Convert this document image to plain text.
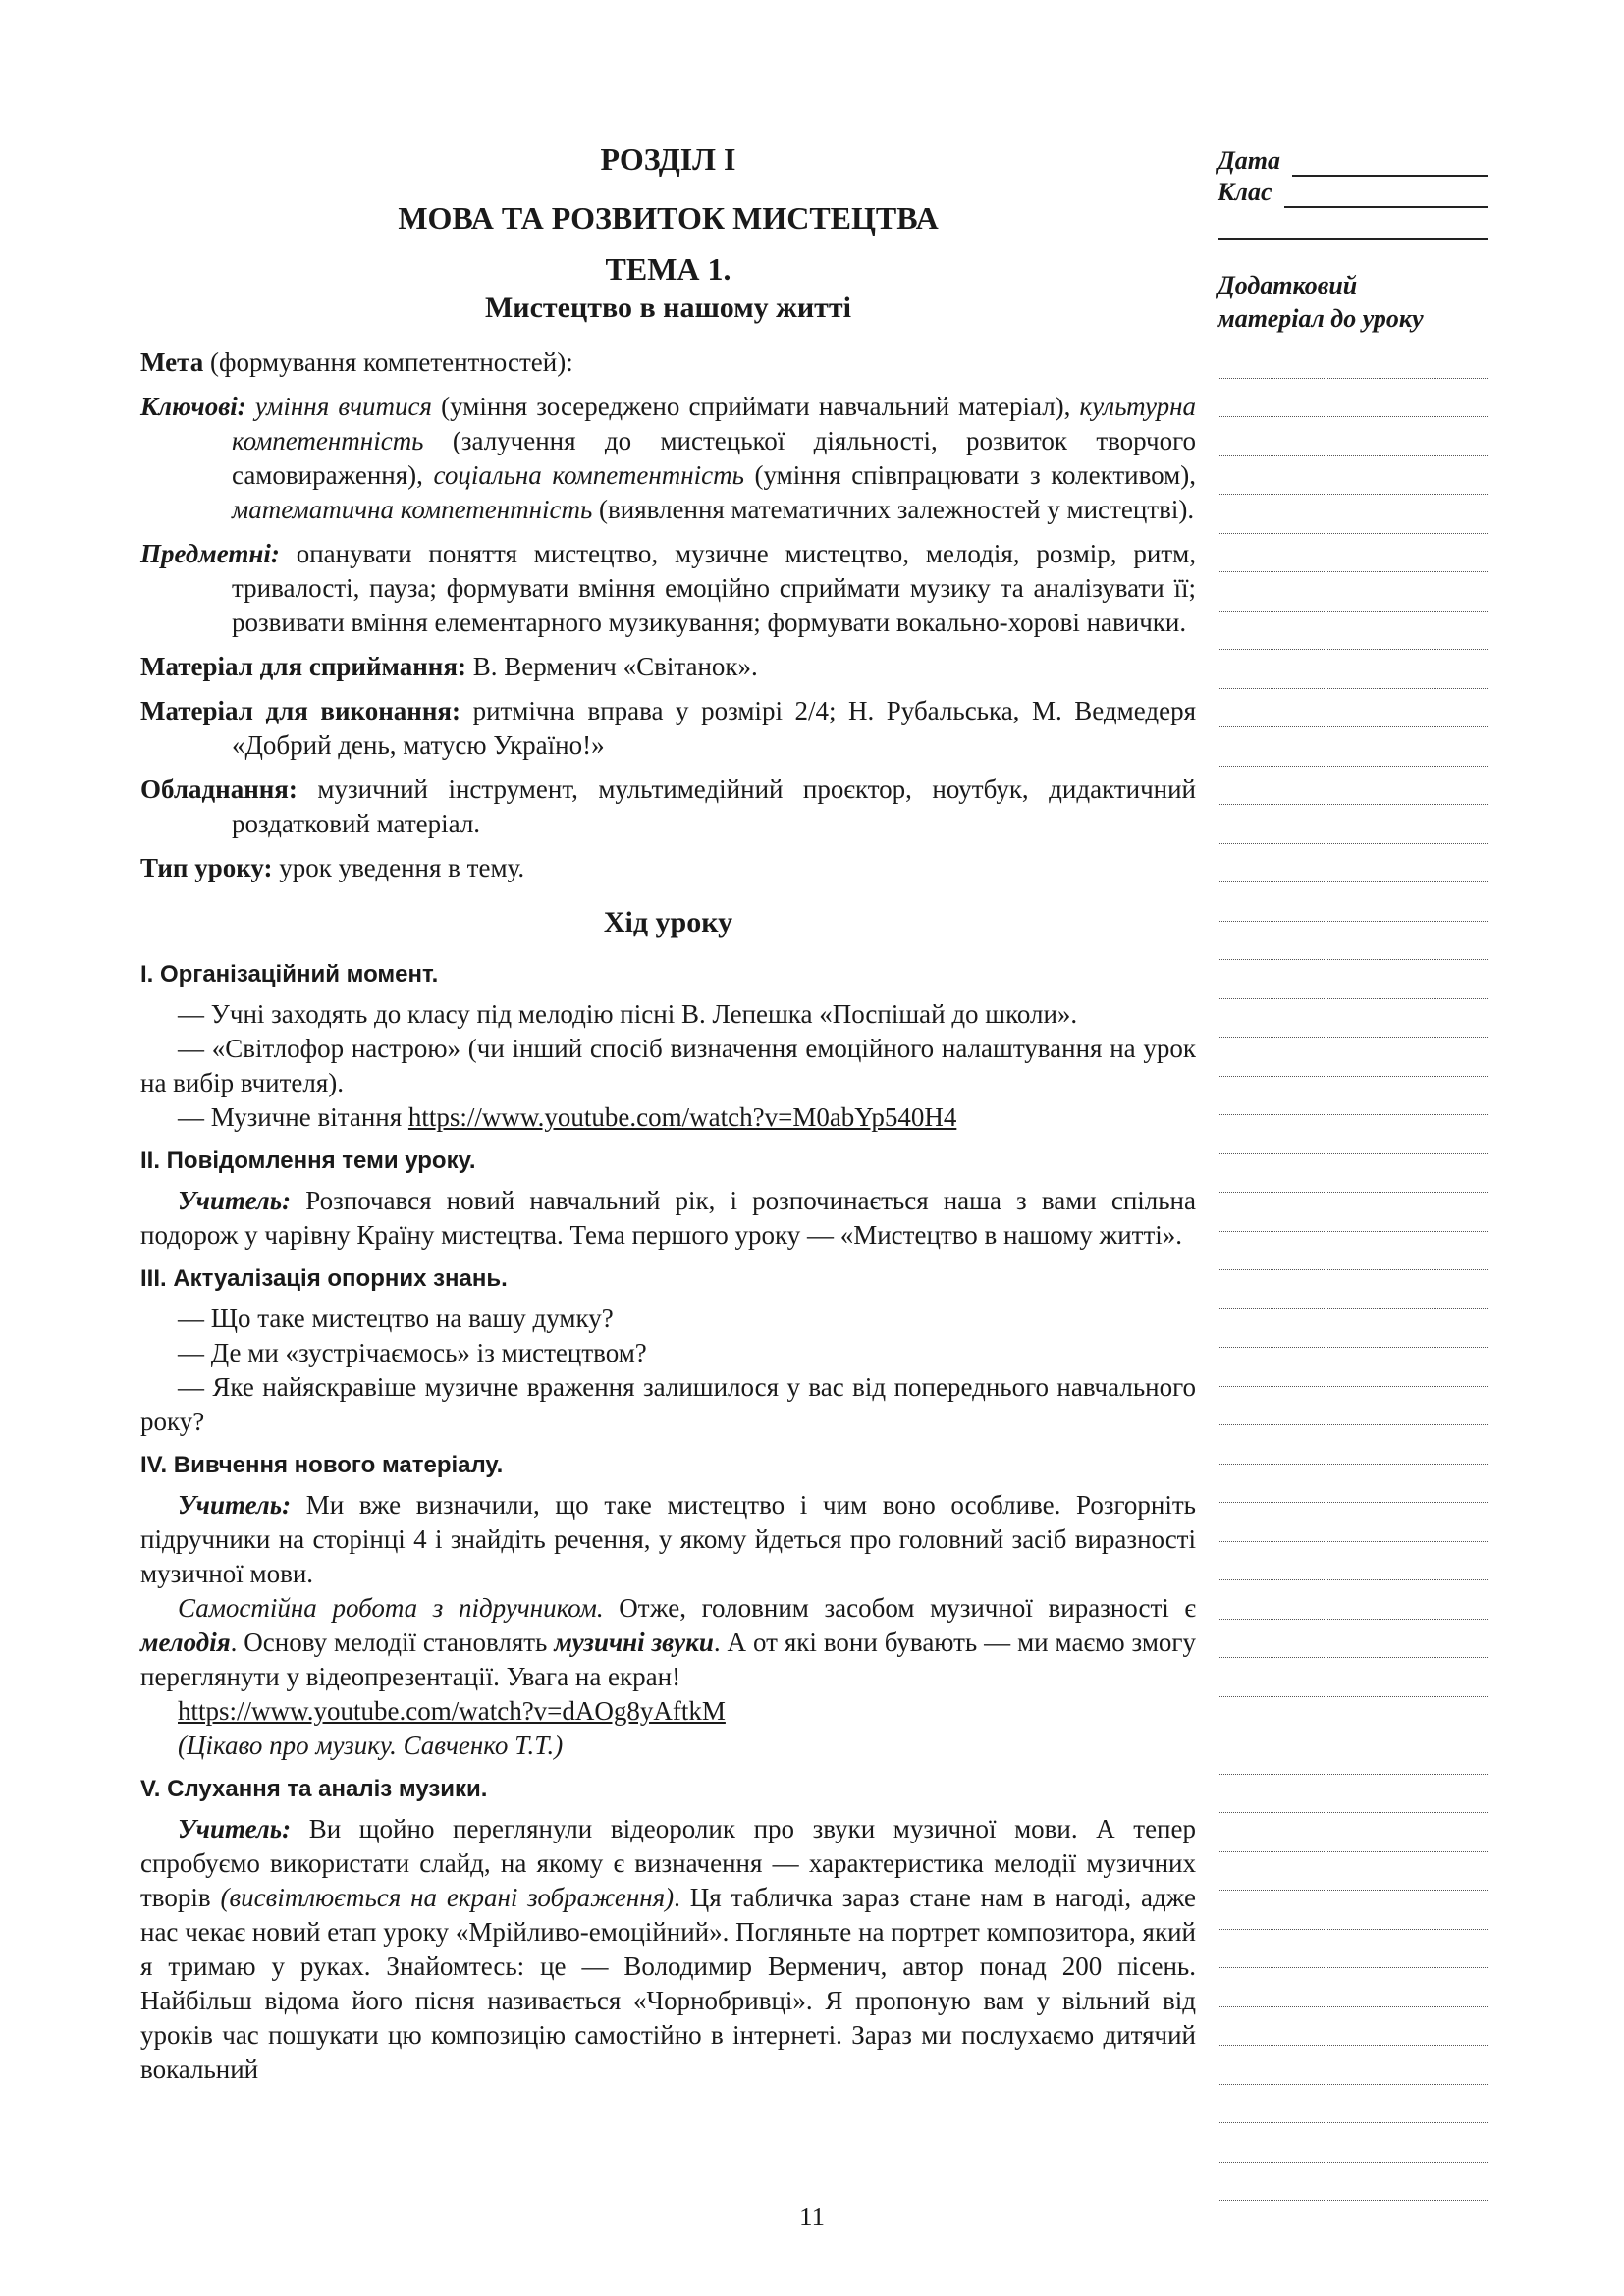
РОЗДІЛ І
МОВА ТА РОЗВИТОК МИСТЕЦТВА
ТЕМА 1.
Мистецтво в нашому житті
Мета (формування компетентностей):
Ключові: уміння вчитися (уміння зосереджено сприймати навчальний матеріал), культурна компетентність (залучення до мистецької діяльності, розвиток творчого самовираження), соціальна компетентність (уміння співпрацювати з колективом), математична компетентність (виявлення математичних залежностей у мистецтві).
Предметні: опанувати поняття мистецтво, музичне мистецтво, мелодія, розмір, ритм, тривалості, пауза; формувати вміння емоційно сприймати музику та аналізувати її; розвивати вміння елементарного музикування; формувати вокально-хорові навички.
Матеріал для сприймання: В. Верменич «Світанок».
Матеріал для виконання: ритмічна вправа у розмірі 2/4; Н. Рубальська, М. Ведмедеря «Добрий день, матусю Україно!»
Обладнання: музичний інструмент, мультимедійний проєктор, ноутбук, дидактичний роздатковий матеріал.
Тип уроку: урок уведення в тему.
Хід уроку
І. Організаційний момент.
— Учні заходять до класу під мелодію пісні В. Лепешка «Поспішай до школи».
— «Світлофор настрою» (чи інший спосіб визначення емоційного налаштування на урок на вибір вчителя).
— Музичне вітання https://www.youtube.com/watch?v=M0abYp540H4
ІІ. Повідомлення теми уроку.
Учитель: Розпочався новий навчальний рік, і розпочинається наша з вами спільна подорож у чарівну Країну мистецтва. Тема першого уроку — «Мистецтво в нашому житті».
ІІІ. Актуалізація опорних знань.
— Що таке мистецтво на вашу думку?
— Де ми «зустрічаємось» із мистецтвом?
— Яке найяскравіше музичне враження залишилося у вас від попереднього навчального року?
IV. Вивчення нового матеріалу.
Учитель: Ми вже визначили, що таке мистецтво і чим воно особливе. Розгорніть підручники на сторінці 4 і знайдіть речення, у якому йдеться про головний засіб виразності музичної мови.
Самостійна робота з підручником. Отже, головним засобом музичної виразності є мелодія. Основу мелодії становлять музичні звуки. А от які вони бувають — ми маємо змогу переглянути у відеопрезентації. Увага на екран!
https://www.youtube.com/watch?v=dAOg8yAftkM
(Цікаво про музику. Савченко Т.Т.)
V. Слухання та аналіз музики.
Учитель: Ви щойно переглянули відеоролик про звуки музичної мови. А тепер спробуємо використати слайд, на якому є визначення — характеристика мелодії музичних творів (висвітлюється на екрані зображення). Ця табличка зараз стане нам в нагоді, адже нас чекає новий етап уроку «Мрійливо-емоційний». Погляньте на портрет композитора, який я тримаю у руках. Знайомтесь: це — Володимир Верменич, автор понад 200 пісень. Найбільш відома його пісня називається «Чорнобривці». Я пропоную вам у вільний від уроків час пошукати цю композицію самостійно в інтернеті. Зараз ми послухаємо дитячий вокальний
Дата
Клас
Додатковий
матеріал до уроку
11
